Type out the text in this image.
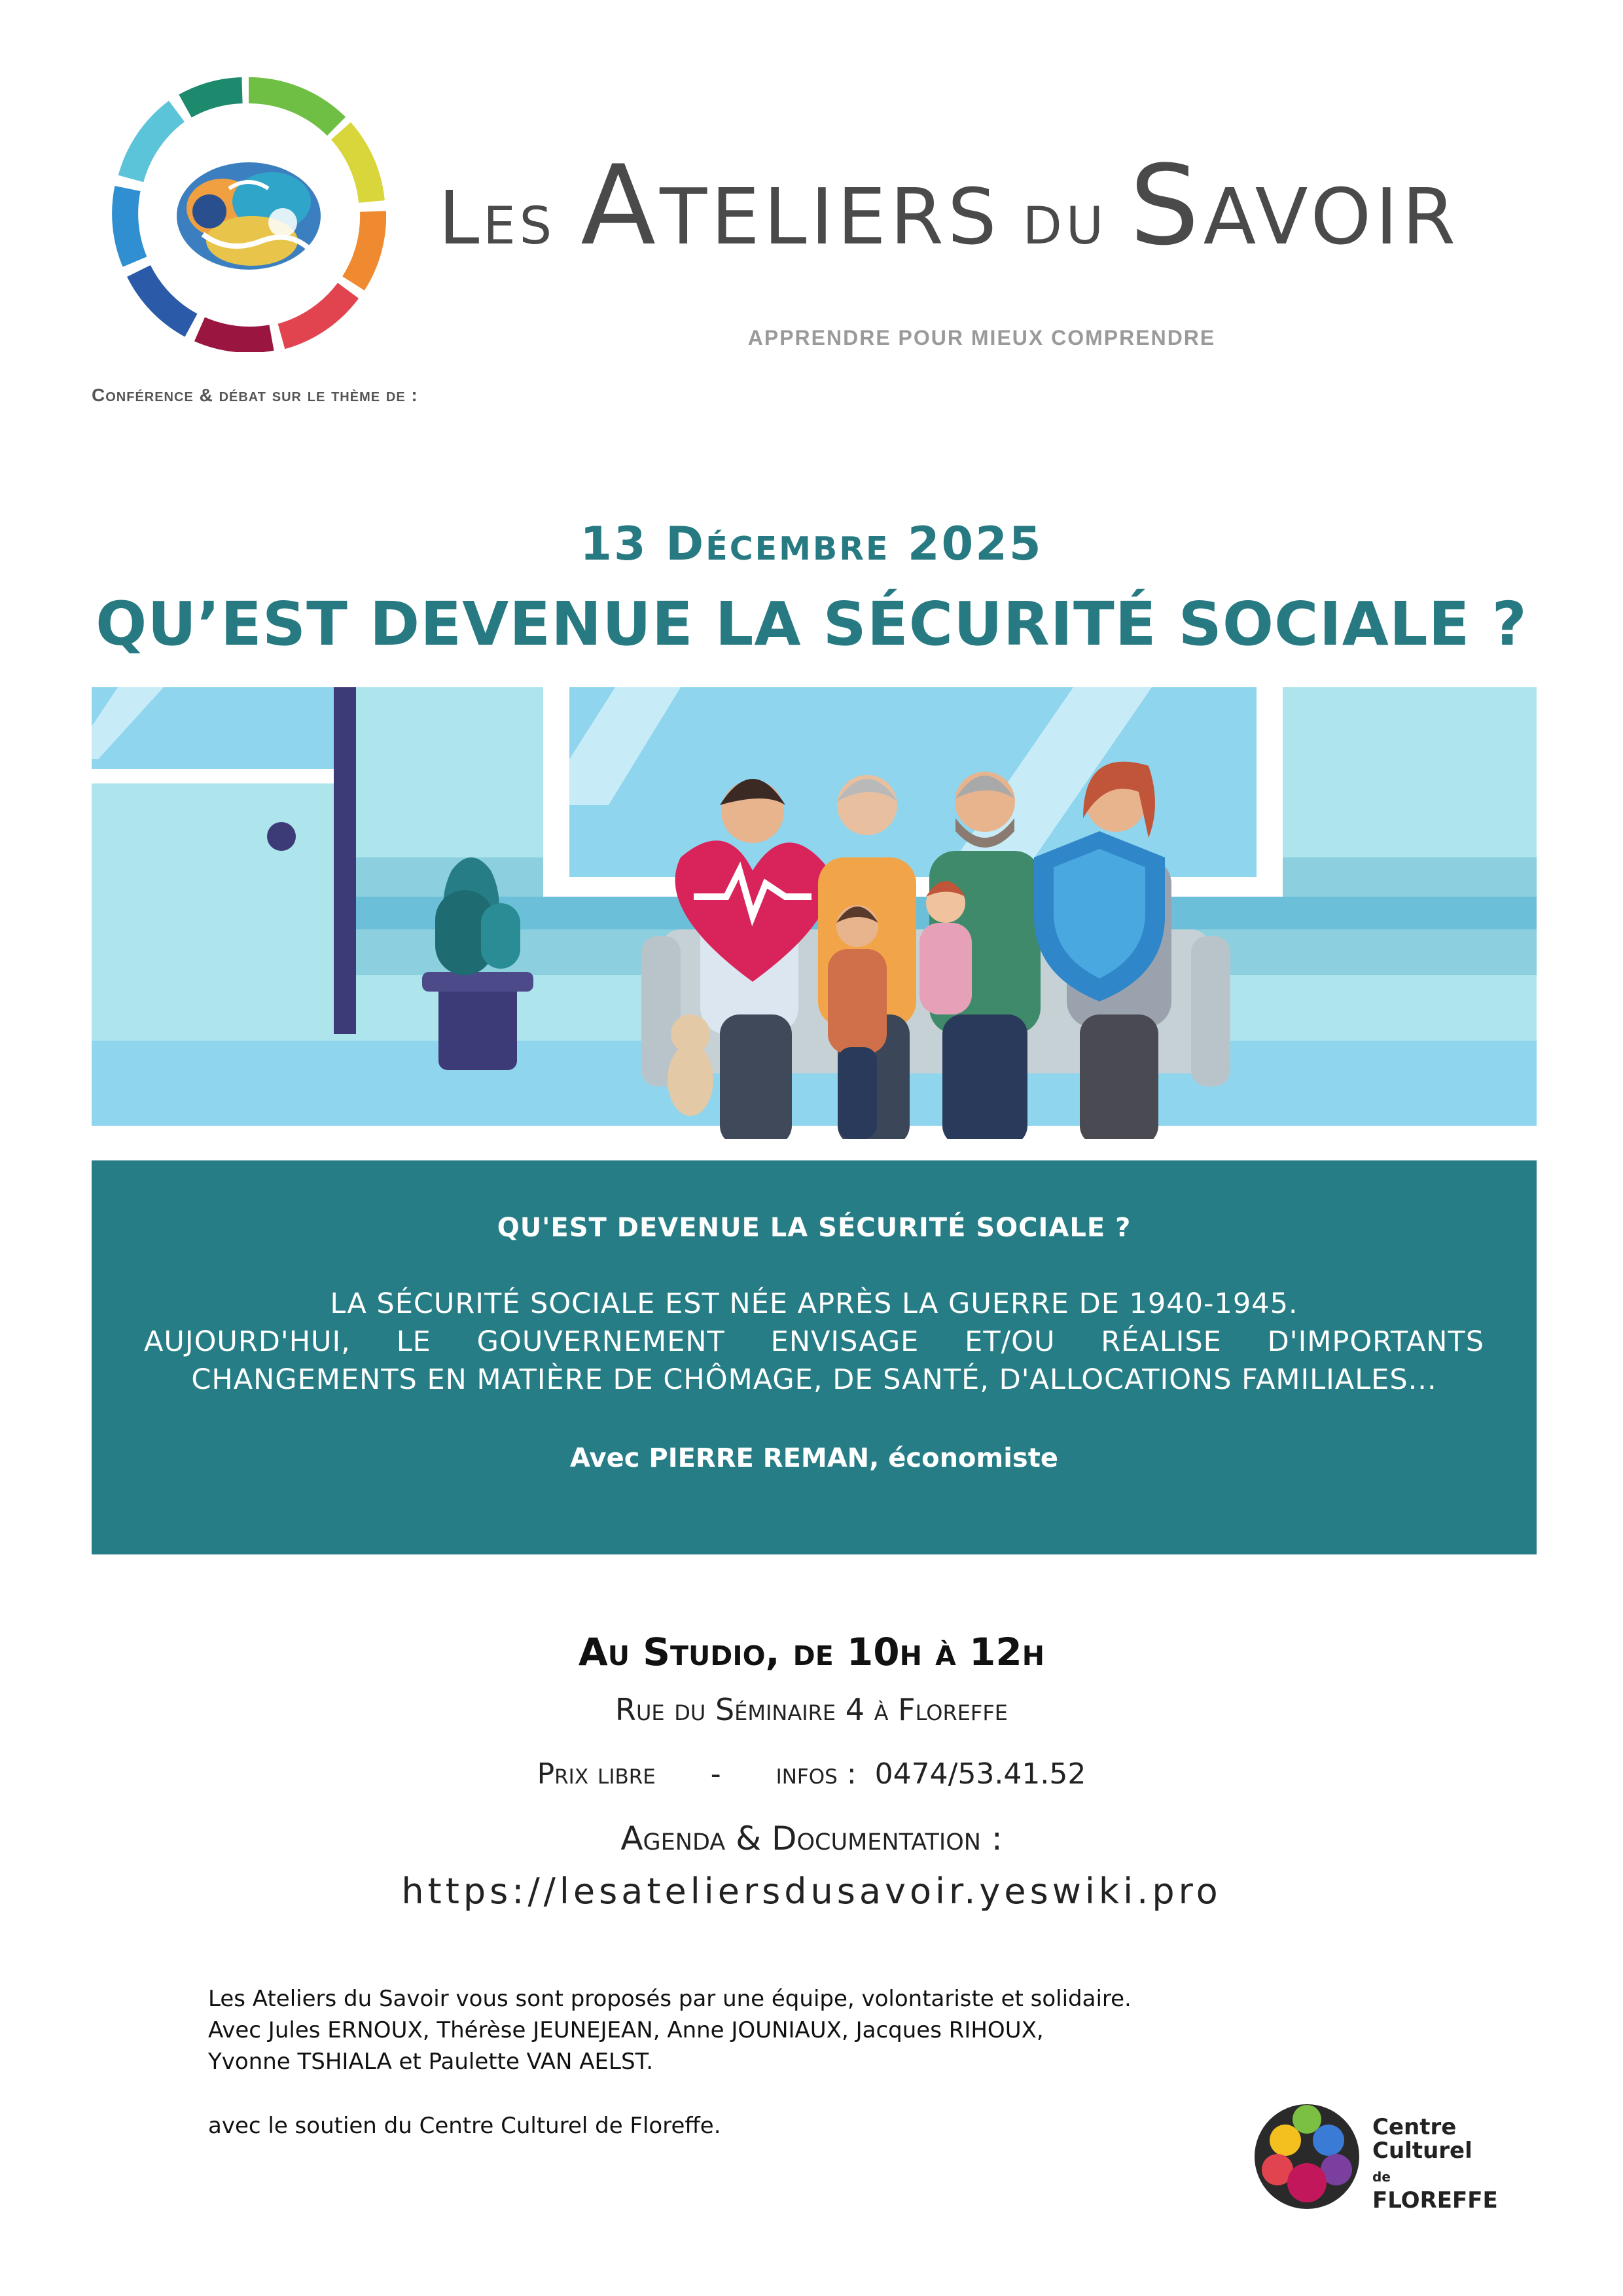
Les Ateliers du Savoir
APPRENDRE POUR MIEUX COMPRENDRE
Conférence & débat sur le thème de :
13 Décembre 2025
QU’EST DEVENUE LA SÉCURITÉ SOCIALE ?
QU'EST DEVENUE LA SÉCURITÉ SOCIALE ?
LA SÉCURITÉ SOCIALE EST NÉE APRÈS LA GUERRE DE 1940-1945.
AUJOURD'HUI, LE GOUVERNEMENT ENVISAGE ET/OU RÉALISE D'IMPORTANTS
CHANGEMENTS EN MATIÈRE DE CHÔMAGE, DE SANTÉ, D'ALLOCATIONS FAMILIALES...
Avec PIERRE REMAN, économiste
Au Studio, de 10h à 12h
Rue du Séminaire 4 à Floreffe
Prix libre - infos : 0474/53.41.52
Agenda & Documentation :
https://lesateliersdusavoir.yeswiki.pro
Les Ateliers du Savoir vous sont proposés par une équipe, volontariste et solidaire.
Avec Jules ERNOUX, Thérèse JEUNEJEAN, Anne JOUNIAUX, Jacques RIHOUX,
Yvonne TSHIALA et Paulette VAN AELST.
avec le soutien du Centre Culturel de Floreffe.	Centre
Culturel
de FLOREFFE
